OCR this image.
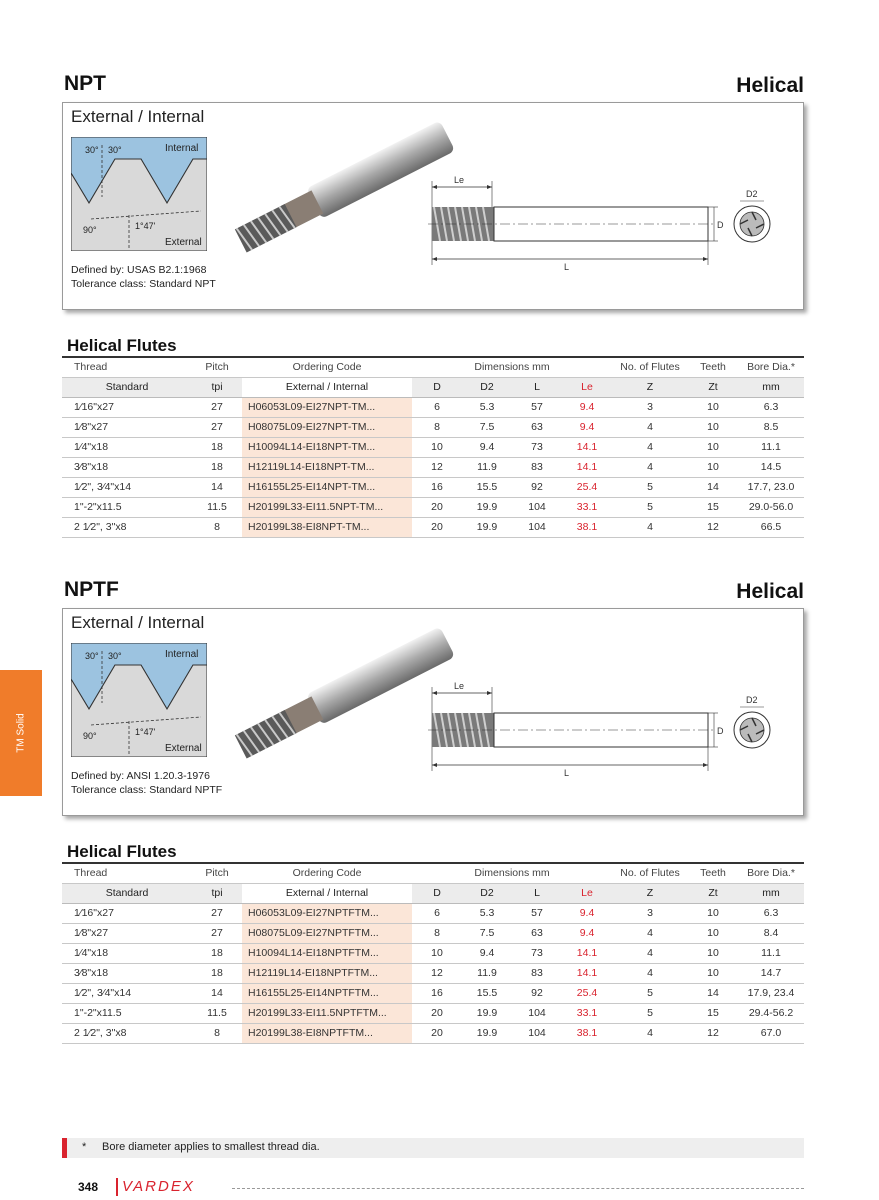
TM Solid
NPT	Helical
External / Internal
30° 30°	Internal
90°	1°47'
External
Le
D
L
D2
Defined by: USAS B2.1:1968
Tolerance class: Standard NPT
Helical Flutes
Thread	Pitch	Ordering Code	Dimensions mm				No. of Flutes	Teeth	Bore Dia.*
Standard	tpi	External / Internal	D	D2	L	Le	Z	Zt	mm
1⁄16"x27	27	H06053L09-EI27NPT-TM...	6	5.3	57	9.4	3	10	6.3
1⁄8"x27	27	H08075L09-EI27NPT-TM...	8	7.5	63	9.4	4	10	8.5
1⁄4"x18	18	H10094L14-EI18NPT-TM...	10	9.4	73	14.1	4	10	11.1
3⁄8"x18	18	H12119L14-EI18NPT-TM...	12	11.9	83	14.1	4	10	14.5
1⁄2", 3⁄4"x14	14	H16155L25-EI14NPT-TM...	16	15.5	92	25.4	5	14	17.7, 23.0
1"-2"x11.5	11.5	H20199L33-EI11.5NPT-TM...	20	19.9	104	33.1	5	15	29.0-56.0
2 1⁄2", 3"x8	8	H20199L38-EI8NPT-TM...	20	19.9	104	38.1	4	12	66.5
NPTF	Helical
External / Internal
30° 30°	Internal
90°	1°47'
External
Le
D
L
D2
Defined by: ANSI 1.20.3-1976
Tolerance class: Standard NPTF
Helical Flutes
Thread	Pitch	Ordering Code	Dimensions mm				No. of Flutes	Teeth	Bore Dia.*
Standard	tpi	External / Internal	D	D2	L	Le	Z	Zt	mm
1⁄16"x27	27	H06053L09-EI27NPTFTM...	6	5.3	57	9.4	3	10	6.3
1⁄8"x27	27	H08075L09-EI27NPTFTM...	8	7.5	63	9.4	4	10	8.4
1⁄4"x18	18	H10094L14-EI18NPTFTM...	10	9.4	73	14.1	4	10	11.1
3⁄8"x18	18	H12119L14-EI18NPTFTM...	12	11.9	83	14.1	4	10	14.7
1⁄2", 3⁄4"x14	14	H16155L25-EI14NPTFTM...	16	15.5	92	25.4	5	14	17.9, 23.4
1"-2"x11.5	11.5	H20199L33-EI11.5NPTFTM...	20	19.9	104	33.1	5	15	29.4-56.2
2 1⁄2", 3"x8	8	H20199L38-EI8NPTFTM...	20	19.9	104	38.1	4	12	67.0
* Bore diameter applies to smallest thread dia.
348 VARDEX
